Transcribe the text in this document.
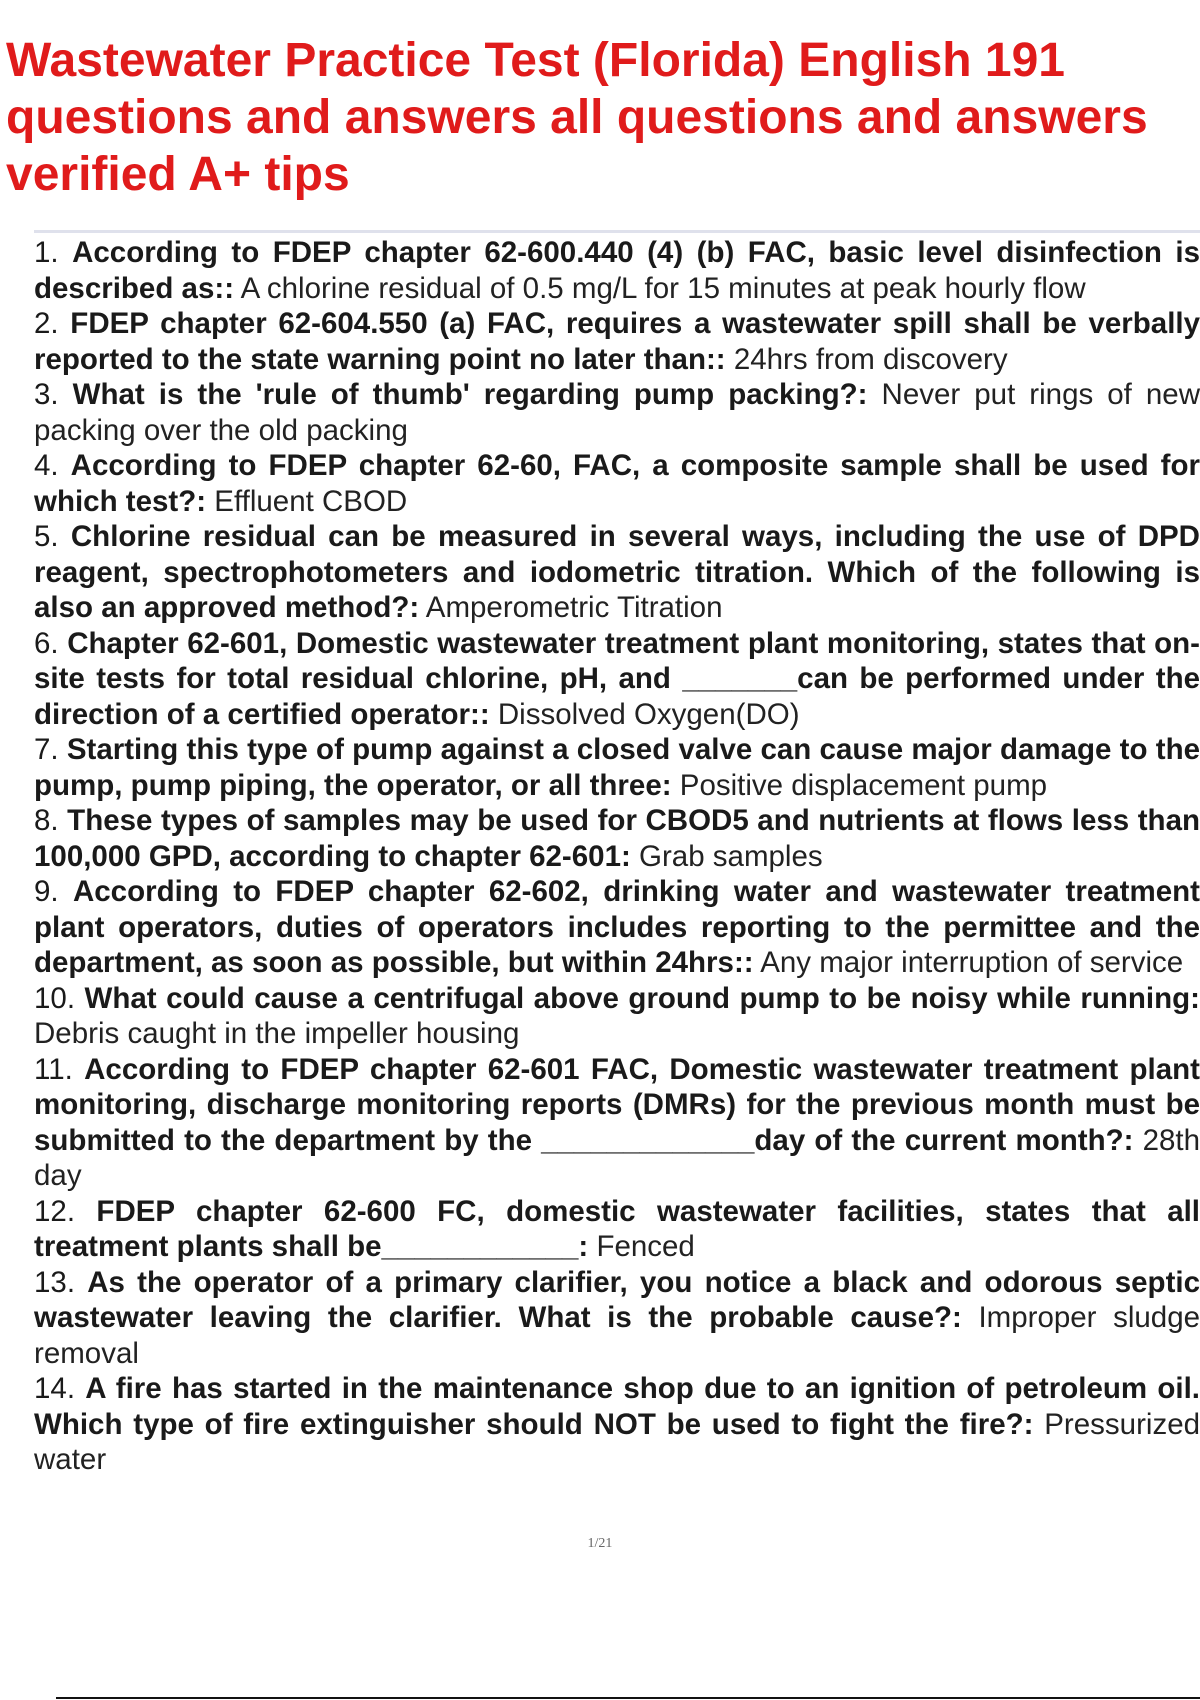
Wastewater Practice Test (Florida) English 191 questions and answers all questions and answers verified A+ tips
1. According to FDEP chapter 62-600.440 (4) (b) FAC, basic level disinfection is described as:: A chlorine residual of 0.5 mg/L for 15 minutes at peak hourly flow
2. FDEP chapter 62-604.550 (a) FAC, requires a wastewater spill shall be verbally reported to the state warning point no later than:: 24hrs from discovery
3. What is the 'rule of thumb' regarding pump packing?: Never put rings of new packing over the old packing
4. According to FDEP chapter 62-60, FAC, a composite sample shall be used for which test?: Effluent CBOD
5. Chlorine residual can be measured in several ways, including the use of DPD reagent, spectrophotometers and iodometric titration. Which of the following is also an approved method?: Amperometric Titration
6. Chapter 62-601, Domestic wastewater treatment plant monitoring, states that on-site tests for total residual chlorine, pH, and _______can be performed under the direction of a certified operator:: Dissolved Oxygen(DO)
7. Starting this type of pump against a closed valve can cause major damage to the pump, pump piping, the operator, or all three: Positive displacement pump
8. These types of samples may be used for CBOD5 and nutrients at flows less than 100,000 GPD, according to chapter 62-601: Grab samples
9. According to FDEP chapter 62-602, drinking water and wastewater treatment plant operators, duties of operators includes reporting to the permittee and the department, as soon as possible, but within 24hrs:: Any major interruption of service
10. What could cause a centrifugal above ground pump to be noisy while running: Debris caught in the impeller housing
11. According to FDEP chapter 62-601 FAC, Domestic wastewater treatment plant monitoring, discharge monitoring reports (DMRs) for the previous month must be submitted to the department by the _____________day of the current month?: 28th day
12. FDEP chapter 62-600 FC, domestic wastewater facilities, states that all treatment plants shall be____________: Fenced
13. As the operator of a primary clarifier, you notice a black and odorous septic wastewater leaving the clarifier. What is the probable cause?: Improper sludge removal
14. A fire has started in the maintenance shop due to an ignition of petroleum oil. Which type of fire extinguisher should NOT be used to fight the fire?: Pressurized water
1/21
